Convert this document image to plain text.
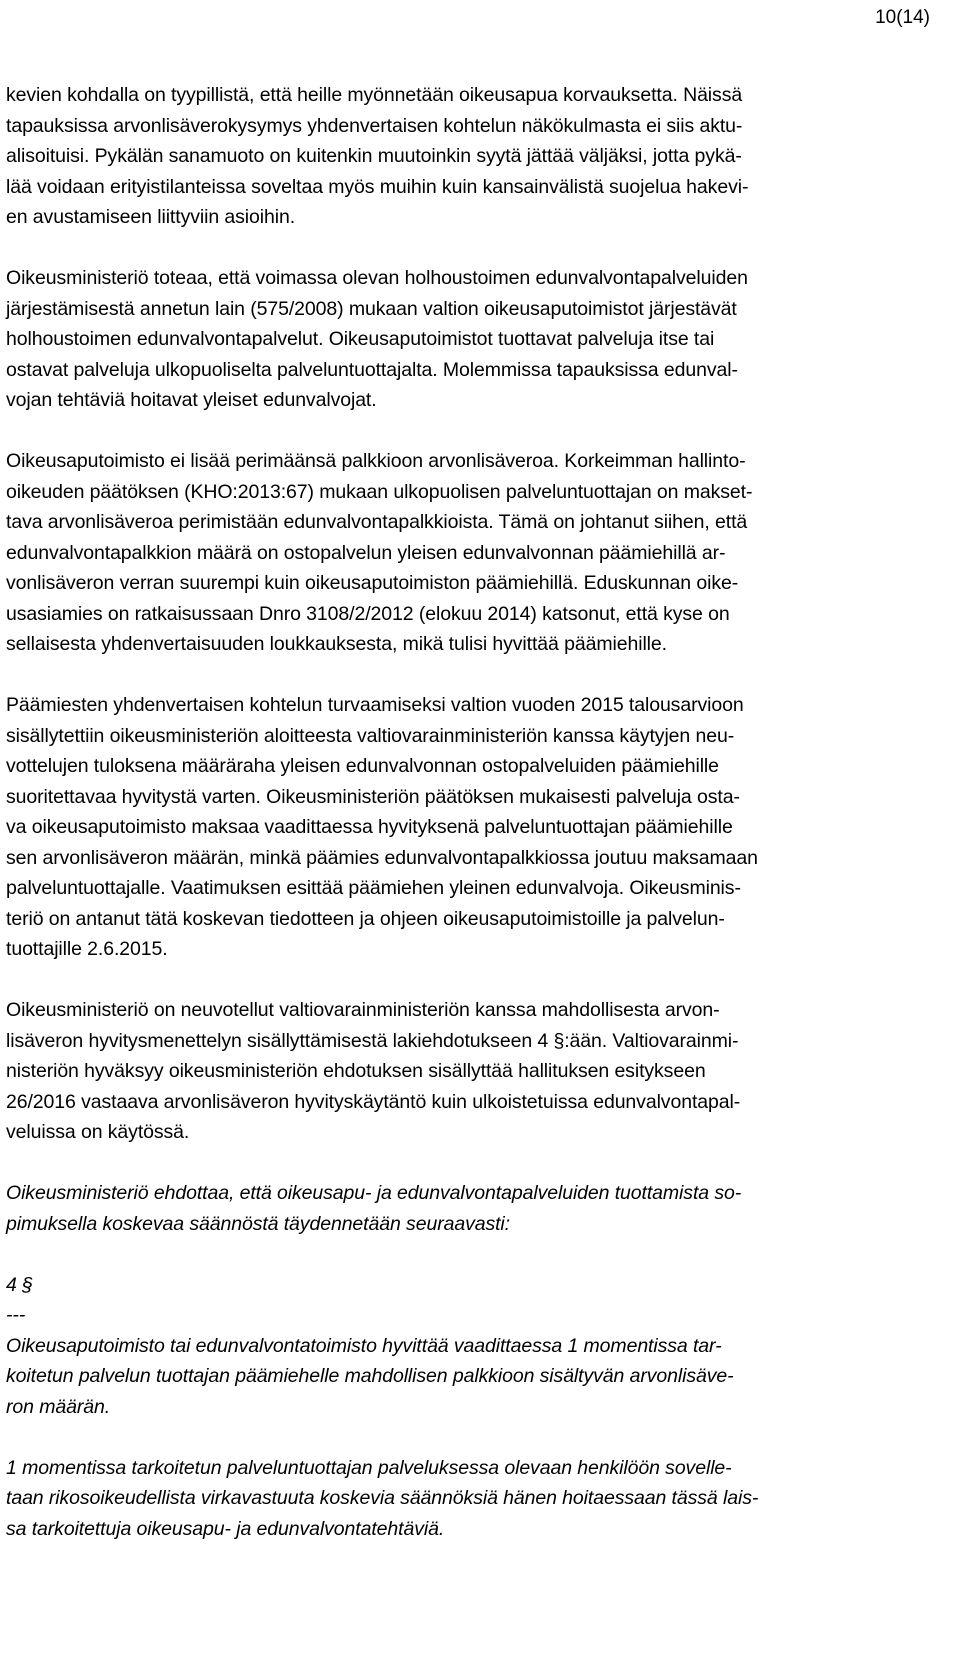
10(14)
kevien kohdalla on tyypillistä, että heille myönnetään oikeusapua korvauksetta. Näissä
tapauksissa arvonlisäverokysymys yhdenvertaisen kohtelun näkökulmasta ei siis aktu-
alisoituisi. Pykälän sanamuoto on kuitenkin muutoinkin syytä jättää väljäksi, jotta pykä-
lää voidaan erityistilanteissa soveltaa myös muihin kuin kansainvälistä suojelua hakevi-
en avustamiseen liittyviin asioihin.
Oikeusministeriö toteaa, että voimassa olevan holhoustoimen edunvalvontapalveluiden
järjestämisestä annetun lain (575/2008) mukaan valtion oikeusaputoimistot järjestävät
holhoustoimen edunvalvontapalvelut. Oikeusaputoimistot tuottavat palveluja itse tai
ostavat palveluja ulkopuoliselta palveluntuottajalta. Molemmissa tapauksissa edunval-
vojan tehtäviä hoitavat yleiset edunvalvojat.
Oikeusaputoimisto ei lisää perimäänsä palkkioon arvonlisäveroa. Korkeimman hallinto-
oikeuden päätöksen (KHO:2013:67) mukaan ulkopuolisen palveluntuottajan on makset-
tava arvonlisäveroa perimistään edunvalvontapalkkioista. Tämä on johtanut siihen, että
edunvalvontapalkkion määrä on ostopalvelun yleisen edunvalvonnan päämiehillä ar-
vonlisäveron verran suurempi kuin oikeusaputoimiston päämiehillä. Eduskunnan oike-
usasiamies on ratkaisussaan Dnro 3108/2/2012 (elokuu 2014) katsonut, että kyse on
sellaisesta yhdenvertaisuuden loukkauksesta, mikä tulisi hyvittää päämiehille.
Päämiesten yhdenvertaisen kohtelun turvaamiseksi valtion vuoden 2015 talousarvioon
sisällytettiin oikeusministeriön aloitteesta valtiovarainministeriön kanssa käytyjen neu-
vottelujen tuloksena määräraha yleisen edunvalvonnan ostopalveluiden päämiehille
suoritettavaa hyvitystä varten. Oikeusministeriön päätöksen mukaisesti palveluja osta-
va oikeusaputoimisto maksaa vaadittaessa hyvityksenä palveluntuottajan päämiehille
sen arvonlisäveron määrän, minkä päämies edunvalvontapalkkiossa joutuu maksamaan
palveluntuottajalle. Vaatimuksen esittää päämiehen yleinen edunvalvoja. Oikeusminis-
teriö on antanut tätä koskevan tiedotteen ja ohjeen oikeusaputoimistoille ja palvelun-
tuottajille 2.6.2015.
Oikeusministeriö on neuvotellut valtiovarainministeriön kanssa mahdollisesta arvon-
lisäveron hyvitysmenettelyn sisällyttämisestä lakiehdotukseen 4 §:ään. Valtiovarainmi-
nisteriön hyväksyy oikeusministeriön ehdotuksen sisällyttää hallituksen esitykseen
26/2016 vastaava arvonlisäveron hyvityskäytäntö kuin ulkoistetuissa edunvalvontapal-
veluissa on käytössä.
Oikeusministeriö ehdottaa, että oikeusapu- ja edunvalvontapalveluiden tuottamista so-
pimuksella koskevaa säännöstä täydennetään seuraavasti:
4 §
---
Oikeusaputoimisto tai edunvalvontatoimisto hyvittää vaadittaessa 1 momentissa tar-
koitetun palvelun tuottajan päämiehelle mahdollisen palkkioon sisältyvän arvonlisäve-
ron määrän.
1 momentissa tarkoitetun palveluntuottajan palveluksessa olevaan henkilöön sovelle-
taan rikosoikeudellista virkavastuuta koskevia säännöksiä hänen hoitaessaan tässä lais-
sa tarkoitettuja oikeusapu- ja edunvalvontatehtäviä.
